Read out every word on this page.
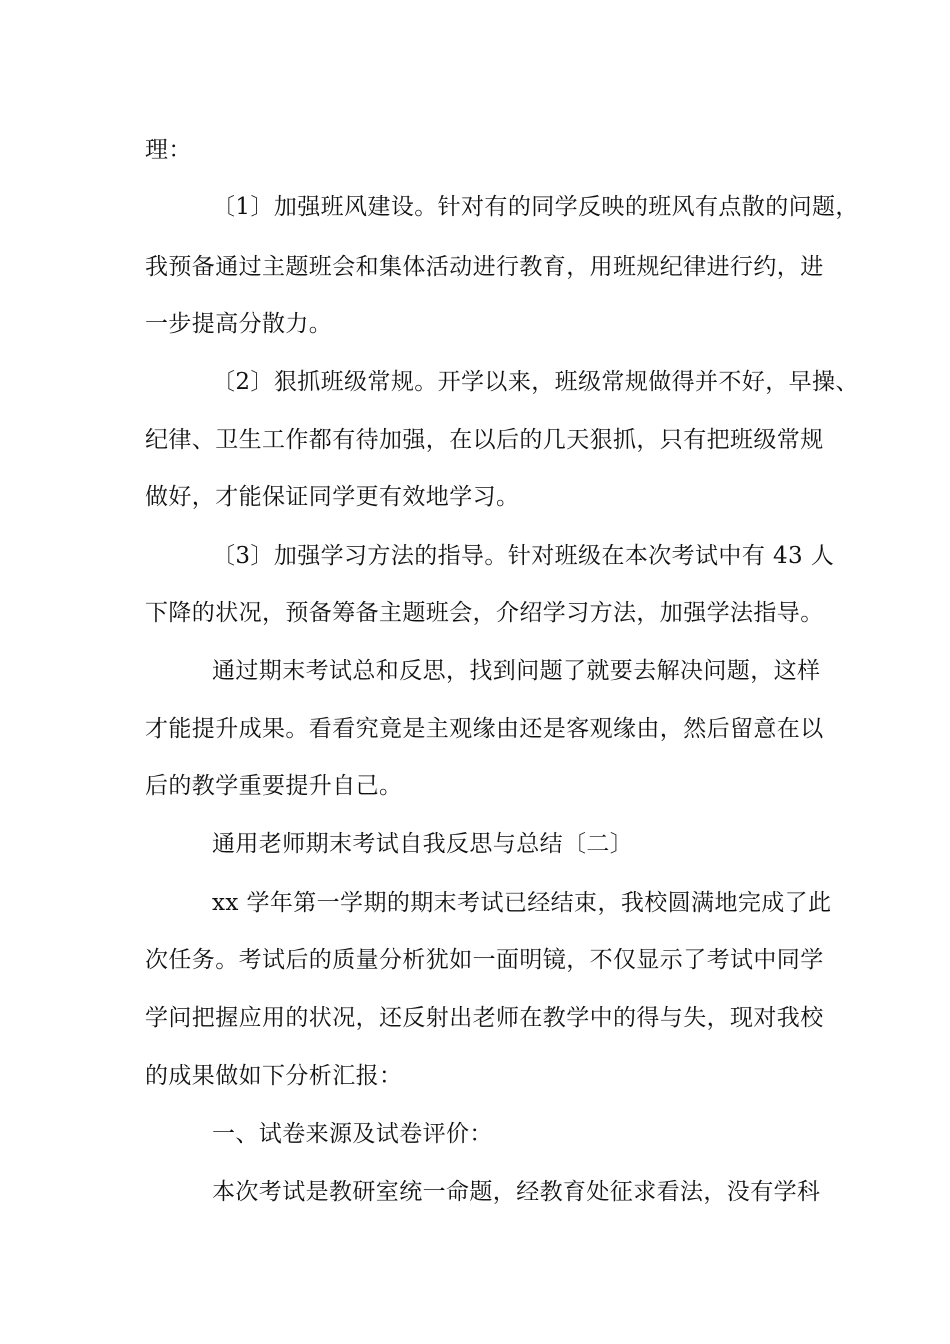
理：
〔1〕加强班风建设。针对有的同学反映的班风有点散的问题，
我预备通过主题班会和集体活动进行教育，用班规纪律进行约，进
一步提高分散力。
〔2〕狠抓班级常规。开学以来，班级常规做得并不好，早操、
纪律、卫生工作都有待加强，在以后的几天狠抓，只有把班级常规
做好，才能保证同学更有效地学习。
〔3〕加强学习方法的指导。针对班级在本次考试中有 43 人
下降的状况，预备筹备主题班会，介绍学习方法，加强学法指导。
通过期末考试总和反思，找到问题了就要去解决问题，这样
才能提升成果。看看究竟是主观缘由还是客观缘由，然后留意在以
后的教学重要提升自己。
通用老师期末考试自我反思与总结〔二〕
xx 学年第一学期的期末考试已经结束，我校圆满地完成了此
次任务。考试后的质量分析犹如一面明镜，不仅显示了考试中同学
学问把握应用的状况，还反射出老师在教学中的得与失，现对我校
的成果做如下分析汇报：
一、试卷来源及试卷评价：
本次考试是教研室统一命题，经教育处征求看法，没有学科
